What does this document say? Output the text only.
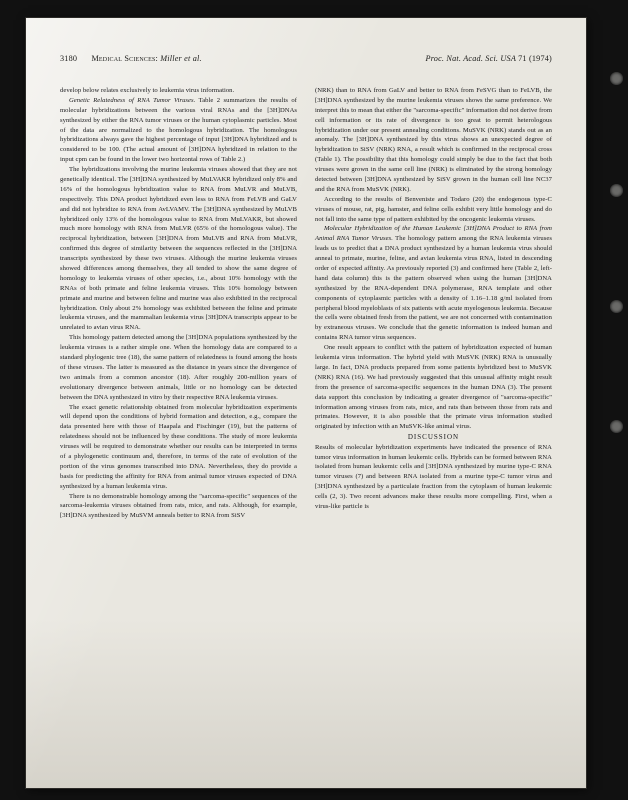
3180 Medical Sciences: Miller et al.	Proc. Nat. Acad. Sci. USA 71 (1974)

develop below relates exclusively to leukemia virus information.

Genetic Relatedness of RNA Tumor Viruses. Table 2 summarizes the results of molecular hybridizations between the various viral RNAs and the [3H]DNAs synthesized by either the RNA tumor viruses or the human cytoplasmic particles. Most of the data are normalized to the homologous hybridization. The homologous hybridizations always gave the highest percentage of input [3H]DNA hybridized and is considered to be 100. (The actual amount of [3H]DNA hybridized in relation to the input cpm can be found in the lower two horizontal rows of Table 2.)

The hybridizations involving the murine leukemia viruses showed that they are not genetically identical. The [3H]DNA synthesized by MuLVAKR hybridized only 8% and 16% of the homologous hybridization value to RNA from MuLVR and MuLVB, respectively. This DNA product hybridized even less to RNA from FeLVB and GaLV and did not hybridize to RNA from AvLVAMV. The [3H]DNA synthesized by MuLVB hybridized only 13% of the homologous value to RNA from MuLVAKR, but showed much more homology with RNA from MuLVR (65% of the homologous value). The reciprocal hybridization, between [3H]DNA from MuLVB and RNA from MuLVR, confirmed this degree of similarity between the sequences reflected in the [3H]DNA transcripts synthesized by these two viruses. Although the murine leukemia viruses showed differences among themselves, they all tended to show the same degree of homology to leukemia viruses of other species, i.e., about 10% homology with the RNAs of both primate and feline leukemia viruses. This 10% homology between primate and murine and between feline and murine was also exhibited in the reciprocal hybridization. Only about 2% homology was exhibited between the feline and primate leukemia viruses, and the mammalian leukemia virus [3H]DNA transcripts appear to be unrelated to avian virus RNA.

This homology pattern detected among the [3H]DNA populations synthesized by the leukemia viruses is a rather simple one. When the homology data are compared to a standard phylogenic tree (18), the same pattern of relatedness is found among the hosts of these viruses. The latter is measured as the distance in years since the divergence of two animals from a common ancestor (18). After roughly 200-million years of evolutionary divergence between animals, little or no homology can be detected between the DNA synthesized in vitro by their respective RNA leukemia viruses.

The exact genetic relationship obtained from molecular hybridization experiments will depend upon the conditions of hybrid formation and detection, e.g., compare the data presented here with those of Haapala and Fischinger (19), but the patterns of relatedness should not be influenced by these conditions. The study of more leukemia viruses will be required to demonstrate whether our results can be interpreted in terms of a phylogenetic continuum and, therefore, in terms of the rate of evolution of the portion of the virus genomes transcribed into DNA. Nevertheless, they do provide a basis for predicting the affinity for RNA from animal tumor viruses expected of DNA synthesized by a human leukemia virus.

There is no demonstrable homology among the "sarcoma-specific" sequences of the sarcoma-leukemia viruses obtained from rats, mice, and rats. Although, for example, [3H]DNA synthesized by MuSVM anneals better to RNA from SiSV

(NRK) than to RNA from GaLV and better to RNA from FeSVG than to FeLVB, the [3H]DNA synthesized by the murine leukemia viruses shows the same preference. We interpret this to mean that either the "sarcoma-specific" information did not derive from cell information or its rate of divergence is too great to permit heterologous hybridization under our present annealing conditions. MuSVK (NRK) stands out as an anomaly. The [3H]DNA synthesized by this virus shows an unexpected degree of hybridization to SiSV (NRK) RNA, a result which is confirmed in the reciprocal cross (Table 1). The possibility that this homology could simply be due to the fact that both viruses were grown in the same cell line (NRK) is eliminated by the strong homology detected between [3H]DNA synthesized by SiSV grown in the human cell line NC37 and the RNA from MuSVK (NRK).

According to the results of Benveniste and Todaro (20) the endogenous type-C viruses of mouse, rat, pig, hamster, and feline cells exhibit very little homology and do not fall into the same type of pattern exhibited by the oncogenic leukemia viruses.

Molecular Hybridization of the Human Leukemic [3H]DNA Product to RNA from Animal RNA Tumor Viruses. The homology pattern among the RNA leukemia viruses leads us to predict that a DNA product synthesized by a human leukemia virus should anneal to primate, murine, feline, and avian leukemia virus RNA, listed in descending order of expected affinity. As previously reported (3) and confirmed here (Table 2, left-hand data column) this is the pattern observed when using the human [3H]DNA synthesized by the RNA-dependent DNA polymerase, RNA template and other components of cytoplasmic particles with a density of 1.16–1.18 g/ml isolated from peripheral blood myeloblasts of six patients with acute myelogenous leukemia. Because the cells were obtained fresh from the patient, we are not concerned with contamination by extraneous viruses. We conclude that the genetic information is indeed human and contains RNA tumor virus sequences.

One result appears to conflict with the pattern of hybridization expected of human leukemia virus information. The hybrid yield with MuSVK (NRK) RNA is unusually large. In fact, DNA products prepared from some patients hybridized best to MuSVK (NRK) RNA (16). We had previously suggested that this unusual affinity might result from the presence of sarcoma-specific sequences in the human DNA (3). The present data support this conclusion by indicating a greater divergence of "sarcoma-specific" information among viruses from rats, mice, and rats than between those from rats and primates. However, it is also possible that the primate virus information studied originated by infection with an MuSVK-like animal virus.

DISCUSSION

Results of molecular hybridization experiments have indicated the presence of RNA tumor virus information in human leukemic cells. Hybrids can be formed between RNA isolated from human leukemic cells and [3H]DNA synthesized by murine type-C RNA tumor viruses (7) and between RNA isolated from a murine type-C tumor virus and [3H]DNA synthesized by a particulate fraction from the cytoplasm of human leukemic cells (2, 3). Two recent advances make these results more compelling. First, when a virus-like particle is
